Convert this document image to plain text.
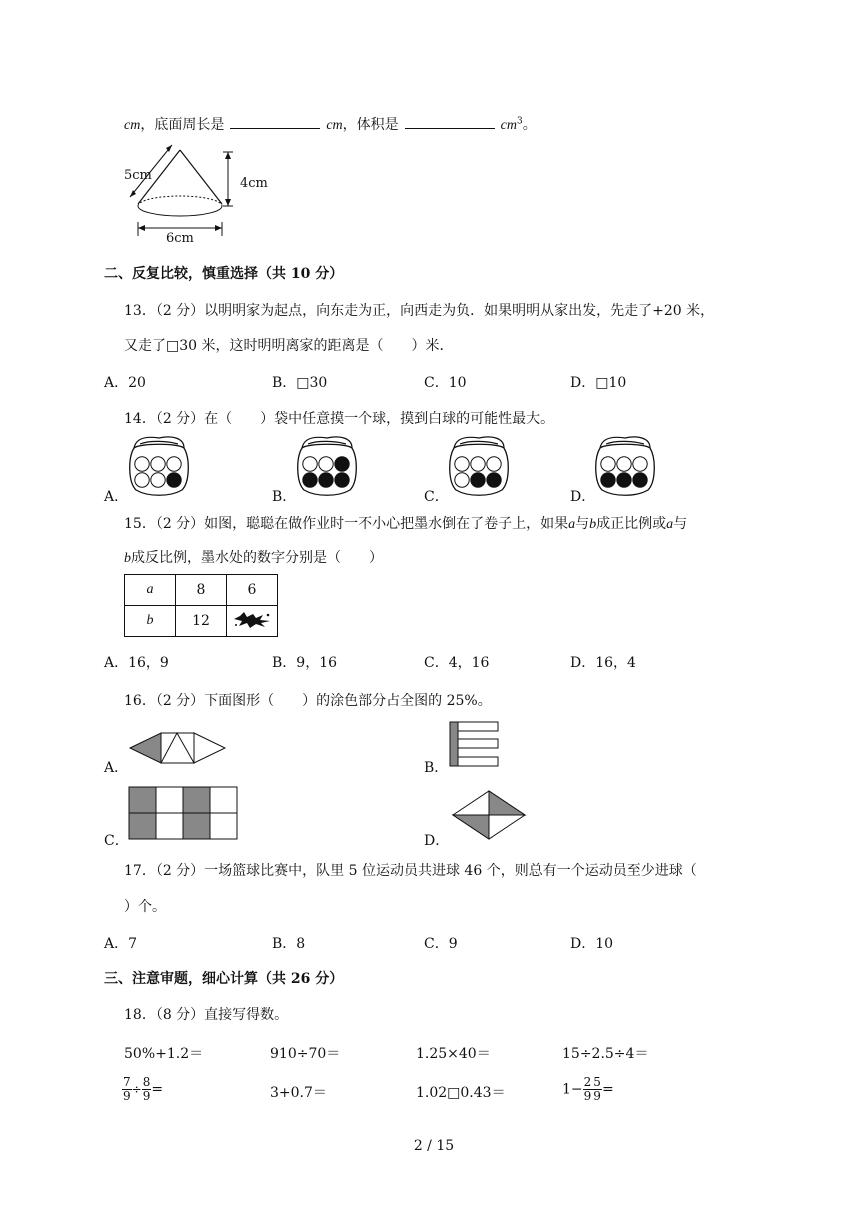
cm，底面周长是	cm，体积是	$cm^3$。
5cm
4cm
6cm
二、反复比较，慎重选择（共 10 分）
13．（2 分）以明明家为起点，向东走为正，向西走为负．如果明明从家出发，先走了+20 米，
又走了□30 米，这时明明离家的距离是（　　）米．
A．20	B．□30	C．10	D．□10
14．（2 分）在（　　）袋中任意摸一个球，摸到白球的可能性最大。
A．	B．	C．	D．
15．（2 分）如图，聪聪在做作业时一不小心把墨水倒在了卷子上，如果a与b成正比例或a与
b成反比例，墨水处的数字分别是（　　）
a	8	6
b	12	
A．16，9	B．9，16	C．4，16	D．16，4
16．（2 分）下面图形（　　）的涂色部分占全图的 25%。
A．	B．
C．	D．
17．（2 分）一场篮球比赛中，队里 5 位运动员共进球 46 个，则总有一个运动员至少进球（
）个。
A．7	B．8	C．9	D．10
三、注意审题，细心计算（共 26 分）
18．（8 分）直接写得数。
50%+1.2＝	910÷70＝	1.25×40＝	15÷2.5÷4＝
$\frac{7}{9} \div \frac{8}{9}$ =	3+0.7＝	1.02□0.43＝	$1- \frac{2}{9} \frac{5}{9}$ =
2 / 15
